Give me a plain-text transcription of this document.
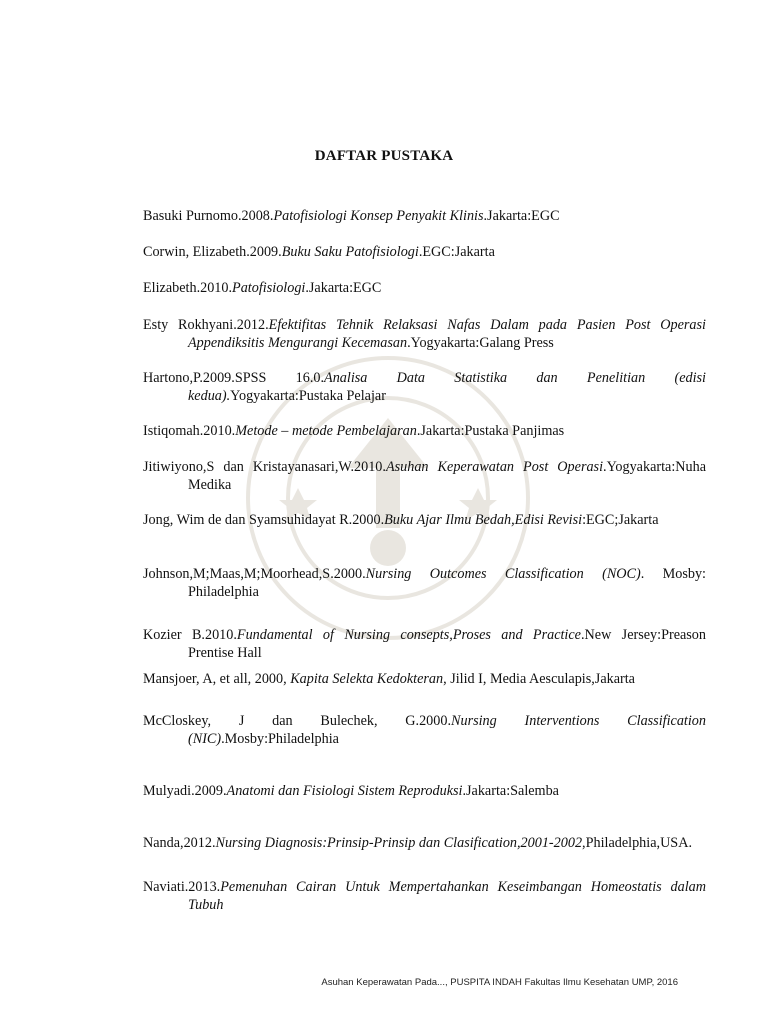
DAFTAR PUSTAKA
Basuki Purnomo.2008.Patofisiologi Konsep Penyakit Klinis.Jakarta:EGC
Corwin, Elizabeth.2009.Buku Saku Patofisiologi.EGC:Jakarta
Elizabeth.2010.Patofisiologi.Jakarta:EGC
Esty Rokhyani.2012.Efektifitas Tehnik Relaksasi Nafas Dalam pada Pasien Post Operasi Appendiksitis Mengurangi Kecemasan.Yogyakarta:Galang Press
Hartono,P.2009.SPSS 16.0.Analisa Data Statistika dan Penelitian (edisi kedua).Yogyakarta:Pustaka Pelajar
Istiqomah.2010.Metode – metode Pembelajaran.Jakarta:Pustaka Panjimas
Jitiwiyono,S dan Kristayanasari,W.2010.Asuhan Keperawatan Post Operasi.Yogyakarta:Nuha Medika
Jong, Wim de dan Syamsuhidayat R.2000.Buku Ajar Ilmu Bedah,Edisi Revisi:EGC;Jakarta
Johnson,M;Maas,M;Moorhead,S.2000.Nursing Outcomes Classification (NOC). Mosby: Philadelphia
Kozier B.2010.Fundamental of Nursing consepts,Proses and Practice.New Jersey:Preason Prentise Hall
Mansjoer, A, et all, 2000, Kapita Selekta Kedokteran, Jilid I, Media Aesculapis,Jakarta
McCloskey, J dan Bulechek, G.2000.Nursing Interventions Classification (NIC).Mosby:Philadelphia
Mulyadi.2009.Anatomi dan Fisiologi Sistem Reproduksi.Jakarta:Salemba
Nanda,2012.Nursing Diagnosis:Prinsip-Prinsip dan Clasification,2001-2002,Philadelphia,USA.
Naviati.2013.Pemenuhan Cairan Untuk Mempertahankan Keseimbangan Homeostatis dalam Tubuh
Asuhan Keperawatan Pada..., PUSPITA INDAH Fakultas Ilmu Kesehatan UMP, 2016
